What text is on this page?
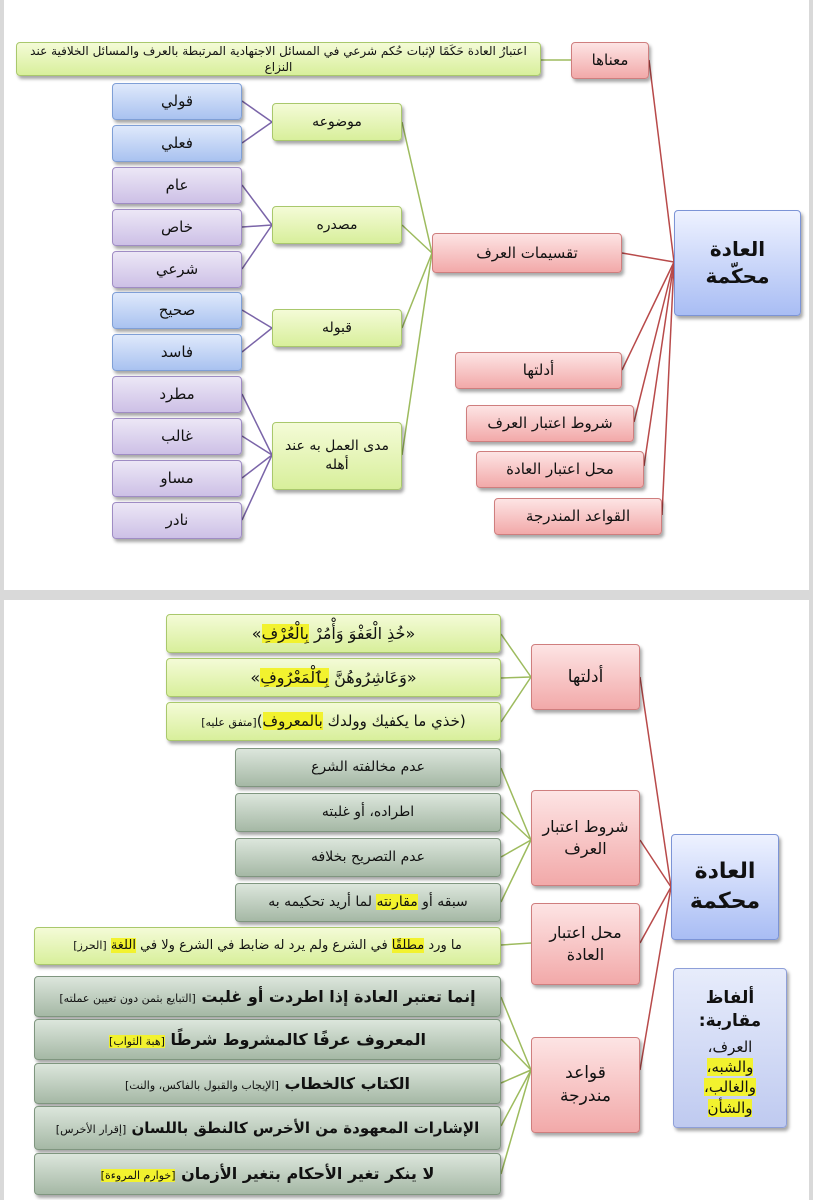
العادة محكّمة
معناها
اعتبارُ العادة حَكَمًا لإثبات حُكم شرعي في المسائل الاجتهادية المرتبطة بالعرف والمسائل الخلافية عند النزاع
تقسيمات العرف
موضوعه
مصدره
قبوله
مدى العمل به عند أهله
قولي
فعلي
عام
خاص
شرعي
صحيح
فاسد
مطرد
غالب
مساو
نادر
أدلتها
شروط اعتبار العرف
محل اعتبار العادة
القواعد المندرجة
العادة محكمة
أدلتها
شروط اعتبار العرف
محل اعتبار العادة
قواعد مندرجة
«خُذِ الْعَفْوَ وَأْمُرْ بِالْعُرْفِ»
«وَعَاشِرُوهُنَّ بِٱلْمَعْرُوفِ»
(خذي ما يكفيك وولدك بالمعروف)[متفق عليه]
عدم مخالفته الشرع
اطراده، أو غلبته
عدم التصريح بخلافه
سبقه أو مقارنته لما أريد تحكيمه به
ما ورد مطلقًا في الشرع ولم يرد له ضابط في الشرع ولا في اللغة [الحرز]
إنما تعتبر العادة إذا اطردت أو غلبت [التبايع بثمن دون تعيين عملته]
المعروف عرفًا كالمشروط شرطًا [هبة الثواب]
الكتاب كالخطاب [الإيجاب والقبول بالفاكس، والنت]
الإشارات المعهودة من الأخرس كالنطق باللسان [إقرار الأخرس]
لا ينكر تغير الأحكام بتغير الأزمان [خوارم المروءة]
ألفاظ مقاربة:
العرف،
والشبه،
والغالب،
والشأن
